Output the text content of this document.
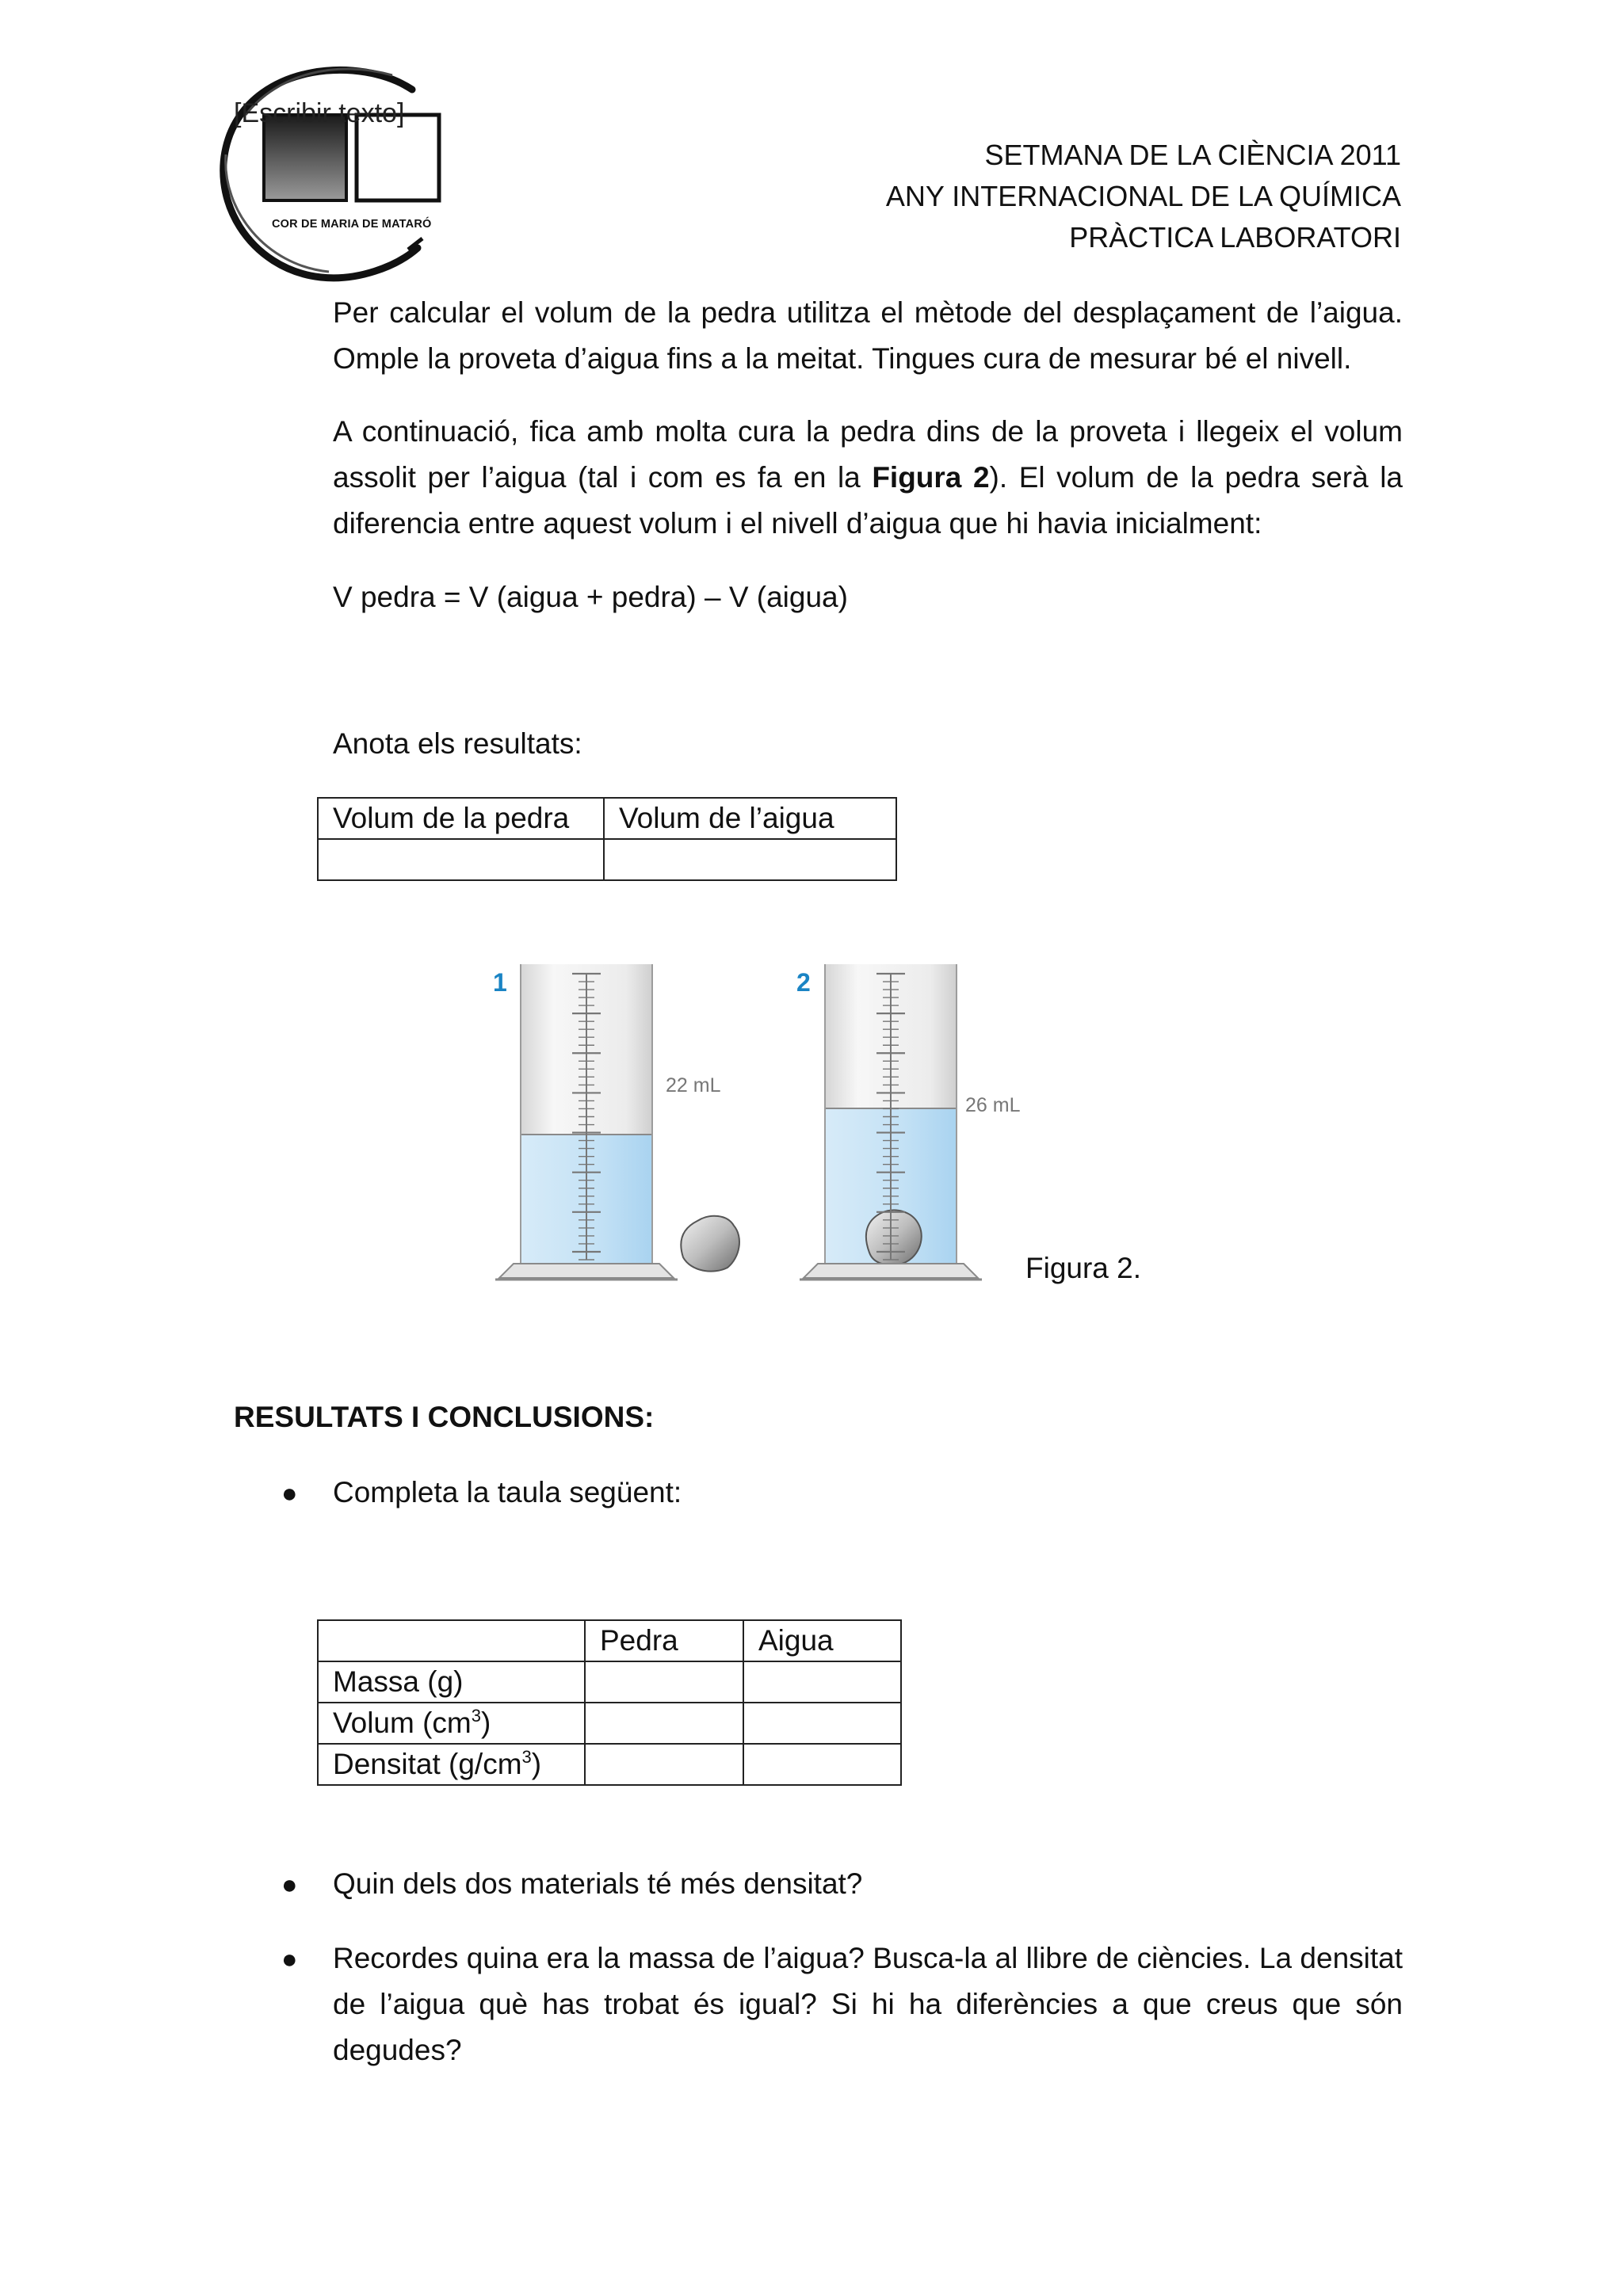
COR DE MARIA DE MATARÓ
[Escribir texto]
SETMANA DE LA CIÈNCIA 2011
ANY INTERNACIONAL DE LA QUÍMICA
PRÀCTICA LABORATORI
Per calcular el volum de la pedra utilitza el mètode del desplaçament de l’aigua. Omple la proveta d’aigua fins a la meitat. Tingues cura de mesurar bé el nivell.
A continuació, fica amb molta cura la pedra dins de la proveta i llegeix el volum assolit per l’aigua (tal i com es fa en la Figura 2). El volum de la pedra serà la diferencia entre aquest volum i el nivell d’aigua que hi havia inicialment:
V pedra = V (aigua + pedra) – V (aigua)
Anota els resultats:
Volum de la pedra	Volum de l’aigua

1
22 mL
2
26 mL
Figura 2.
RESULTATS I CONCLUSIONS:
● Completa la taula següent:
	Pedra	Aigua
Massa (g)		
Volum $(cm^3)$		
Densitat $(g/cm^3)$		
● Quin dels dos materials té més densitat?
● Recordes quina era la massa de l’aigua? Busca-la al llibre de ciències. La densitat de l’aigua què has trobat és igual? Si hi ha diferències a que creus que són degudes?
